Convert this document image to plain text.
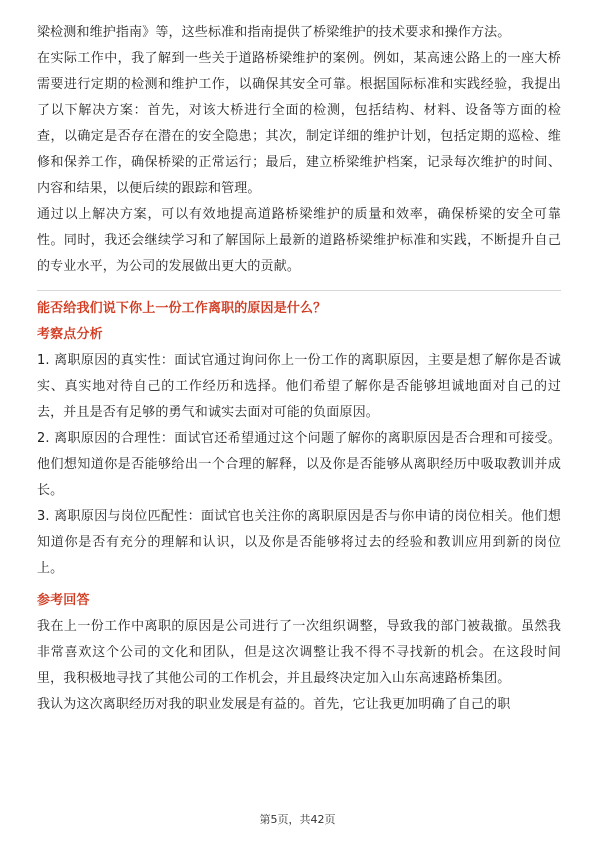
梁检测和维护指南》等，这些标准和指南提供了桥梁维护的技术要求和操作方法。

在实际工作中，我了解到一些关于道路桥梁维护的案例。例如，某高速公路上的一座大桥需要进行定期的检测和维护工作，以确保其安全可靠。根据国际标准和实践经验，我提出了以下解决方案：首先，对该大桥进行全面的检测，包括结构、材料、设备等方面的检查，以确定是否存在潜在的安全隐患；其次，制定详细的维护计划，包括定期的巡检、维修和保养工作，确保桥梁的正常运行；最后，建立桥梁维护档案，记录每次维护的时间、内容和结果，以便后续的跟踪和管理。

通过以上解决方案，可以有效地提高道路桥梁维护的质量和效率，确保桥梁的安全可靠性。同时，我还会继续学习和了解国际上最新的道路桥梁维护标准和实践，不断提升自己的专业水平，为公司的发展做出更大的贡献。

能否给我们说下你上一份工作离职的原因是什么？

考察点分析

1. 离职原因的真实性：面试官通过询问你上一份工作的离职原因，主要是想了解你是否诚实、真实地对待自己的工作经历和选择。他们希望了解你是否能够坦诚地面对自己的过去，并且是否有足够的勇气和诚实去面对可能的负面原因。

2. 离职原因的合理性：面试官还希望通过这个问题了解你的离职原因是否合理和可接受。他们想知道你是否能够给出一个合理的解释，以及你是否能够从离职经历中吸取教训并成长。

3. 离职原因与岗位匹配性：面试官也关注你的离职原因是否与你申请的岗位相关。他们想知道你是否有充分的理解和认识，以及你是否能够将过去的经验和教训应用到新的岗位上。

参考回答

我在上一份工作中离职的原因是公司进行了一次组织调整，导致我的部门被裁撤。虽然我非常喜欢这个公司的文化和团队，但是这次调整让我不得不寻找新的机会。在这段时间里，我积极地寻找了其他公司的工作机会，并且最终决定加入山东高速路桥集团。

我认为这次离职经历对我的职业发展是有益的。首先，它让我更加明确了自己的职

第5页，共42页
